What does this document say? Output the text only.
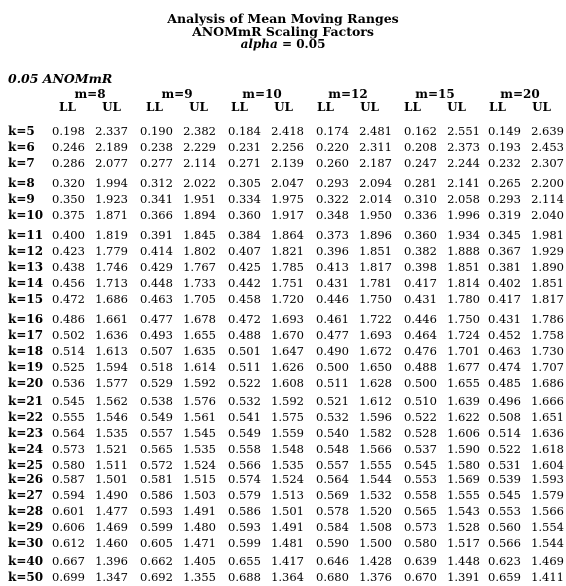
Analysis of Mean Moving Ranges
ANOMmR Scaling Factors
alpha = 0.05
0.05 ANOMmR
m=8
LL UL
m=9
LL UL
m=10
LL UL
m=12
LL UL
m=15
LL UL
m=20
LL UL
k=5	0.198 2.337 0.190 2.382 0.184 2.418 0.174 2.481 0.162 2.551 0.149 2.639
k=6	0.246 2.189 0.238 2.229 0.231 2.256 0.220 2.311 0.208 2.373 0.193 2.453
k=7	0.286 2.077 0.277 2.114 0.271 2.139 0.260 2.187 0.247 2.244 0.232 2.307
k=8	0.320 1.994 0.312 2.022 0.305 2.047 0.293 2.094 0.281 2.141 0.265 2.200
k=9	0.350 1.923 0.341 1.951 0.334 1.975 0.322 2.014 0.310 2.058 0.293 2.114
k=10 0.375 1.871 0.366 1.894 0.360 1.917 0.348 1.950 0.336 1.996 0.319 2.040
k=11 0.400 1.819 0.391 1.845 0.384 1.864 0.373 1.896 0.360 1.934 0.345 1.981
k=12 0.423 1.779 0.414 1.802 0.407 1.821 0.396 1.851 0.382 1.888 0.367 1.929
k=13 0.438 1.746 0.429 1.767 0.425 1.785 0.413 1.817 0.398 1.851 0.381 1.890
k=14 0.456 1.713 0.448 1.733 0.442 1.751 0.431 1.781 0.417 1.814 0.402 1.851
k=15 0.472 1.686 0.463 1.705 0.458 1.720 0.446 1.750 0.431 1.780 0.417 1.817
k=16 0.486 1.661 0.477 1.678 0.472 1.693 0.461 1.722 0.446 1.750 0.431 1.786
k=17 0.502 1.636 0.493 1.655 0.488 1.670 0.477 1.693 0.464 1.724 0.452 1.758
k=18 0.514 1.613 0.507 1.635 0.501 1.647 0.490 1.672 0.476 1.701 0.463 1.730
k=19 0.525 1.594 0.518 1.614 0.511 1.626 0.500 1.650 0.488 1.677 0.474 1.707
k=20 0.536 1.577 0.529 1.592 0.522 1.608 0.511 1.628 0.500 1.655 0.485 1.686
k=21 0.545 1.562 0.538 1.576 0.532 1.592 0.521 1.612 0.510 1.639 0.496 1.666
k=22 0.555 1.546 0.549 1.561 0.541 1.575 0.532 1.596 0.522 1.622 0.508 1.651
k=23 0.564 1.535 0.557 1.545 0.549 1.559 0.540 1.582 0.528 1.606 0.514 1.636
k=24 0.573 1.521 0.565 1.535 0.558 1.548 0.548 1.566 0.537 1.590 0.522 1.618
k=25 0.580 1.511 0.572 1.524 0.566 1.535 0.557 1.555 0.545 1.580 0.531 1.604
k=26 0.587 1.501 0.581 1.515 0.574 1.524 0.564 1.544 0.553 1.569 0.539 1.593
k=27 0.594 1.490 0.586 1.503 0.579 1.513 0.569 1.532 0.558 1.555 0.545 1.579
k=28 0.601 1.477 0.593 1.491 0.586 1.501 0.578 1.520 0.565 1.543 0.553 1.566
k=29 0.606 1.469 0.599 1.480 0.593 1.491 0.584 1.508 0.573 1.528 0.560 1.554
k=30 0.612 1.460 0.605 1.471 0.599 1.481 0.590 1.500 0.580 1.517 0.566 1.544
k=40 0.667 1.396 0.662 1.405 0.655 1.417 0.646 1.428 0.639 1.448 0.623 1.469
k=50 0.699 1.347 0.692 1.355 0.688 1.364 0.680 1.376 0.670 1.391 0.659 1.411
